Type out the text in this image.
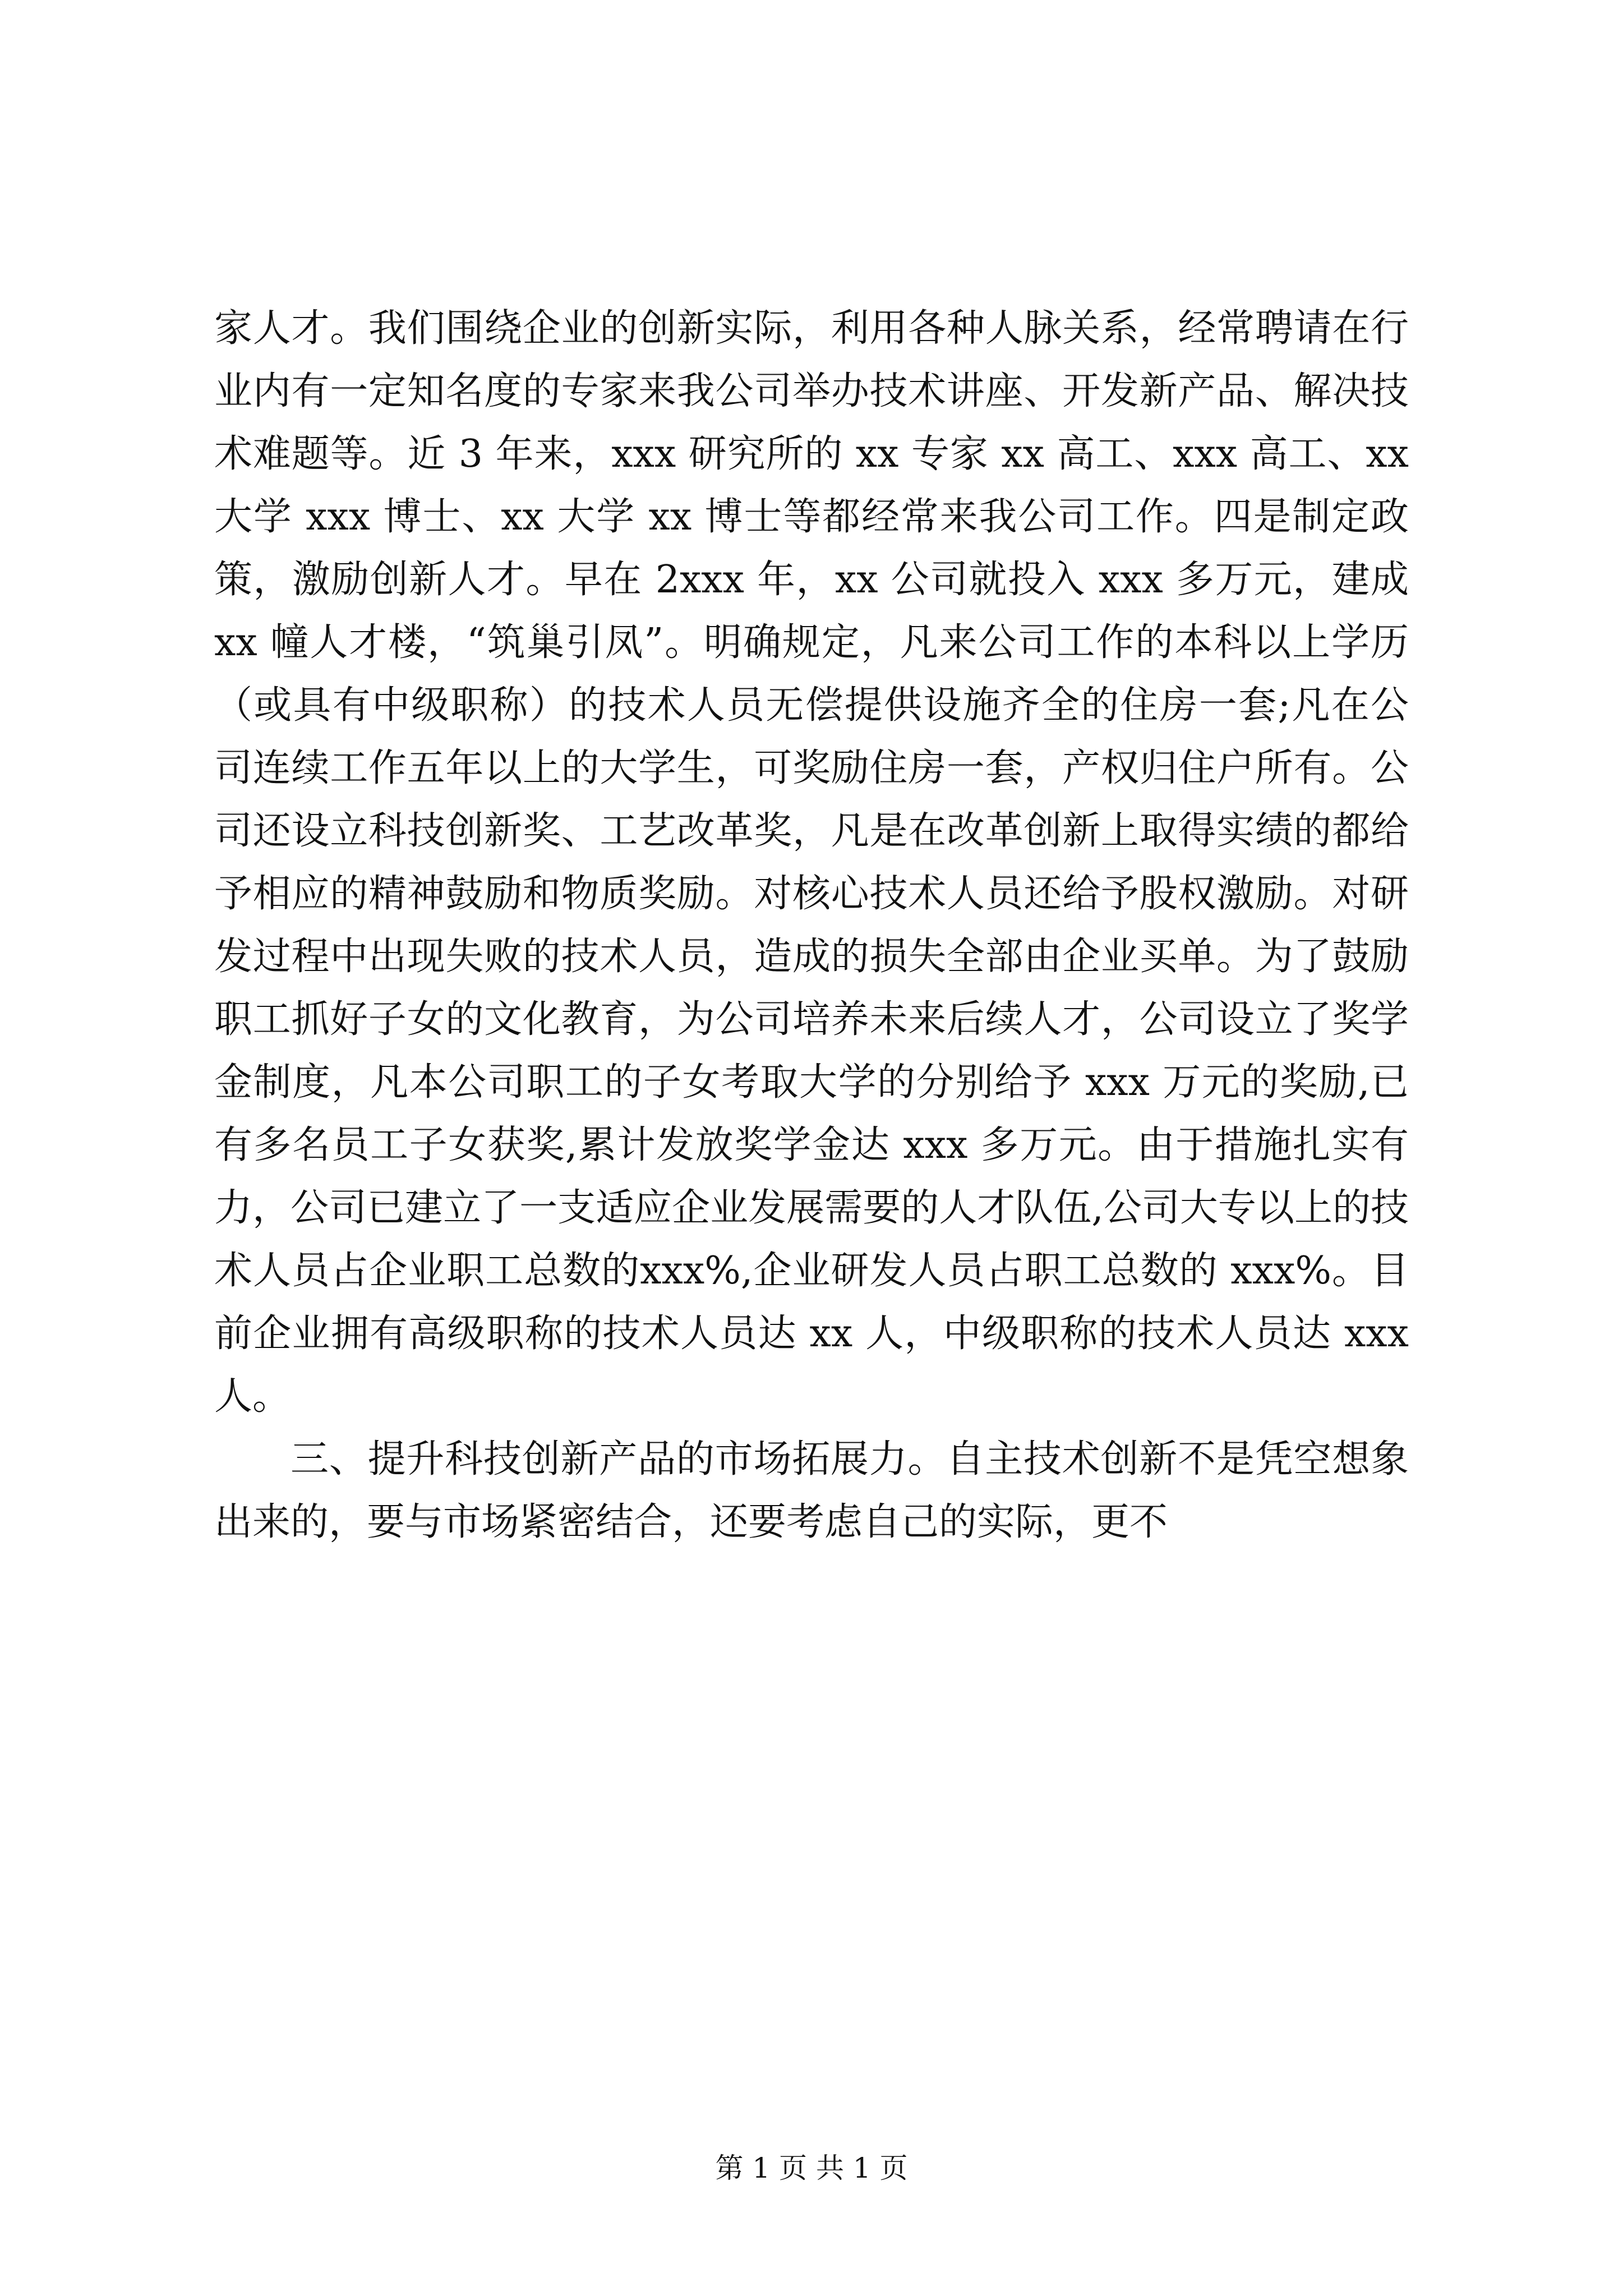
家人才。我们围绕企业的创新实际，利用各种人脉关系，经常聘请在行业内有一定知名度的专家来我公司举办技术讲座、开发新产品、解决技术难题等。近 3 年来，xxx 研究所的 xx 专家 xx 高工、xxx 高工、xx 大学 xxx 博士、xx 大学 xx 博士等都经常来我公司工作。四是制定政策，激励创新人才。早在 2xxx 年，xx 公司就投入 xxx 多万元，建成 xx 幢人才楼，“筑巢引凤”。明确规定，凡来公司工作的本科以上学历（或具有中级职称）的技术人员无偿提供设施齐全的住房一套;凡在公司连续工作五年以上的大学生，可奖励住房一套，产权归住户所有。公司还设立科技创新奖、工艺改革奖，凡是在改革创新上取得实绩的都给予相应的精神鼓励和物质奖励。对核心技术人员还给予股权激励。对研发过程中出现失败的技术人员，造成的损失全部由企业买单。为了鼓励职工抓好子女的文化教育，为公司培养未来后续人才，公司设立了奖学金制度，凡本公司职工的子女考取大学的分别给予 xxx 万元的奖励,已有多名员工子女获奖,累计发放奖学金达 xxx 多万元。由于措施扎实有力，公司已建立了一支适应企业发展需要的人才队伍,公司大专以上的技术人员占企业职工总数的xxx%,企业研发人员占职工总数的 xxx%。目前企业拥有高级职称的技术人员达 xx 人，中级职称的技术人员达 xxx 人。

三、提升科技创新产品的市场拓展力。自主技术创新不是凭空想象出来的，要与市场紧密结合，还要考虑自己的实际，更不

第 1 页 共 1 页
